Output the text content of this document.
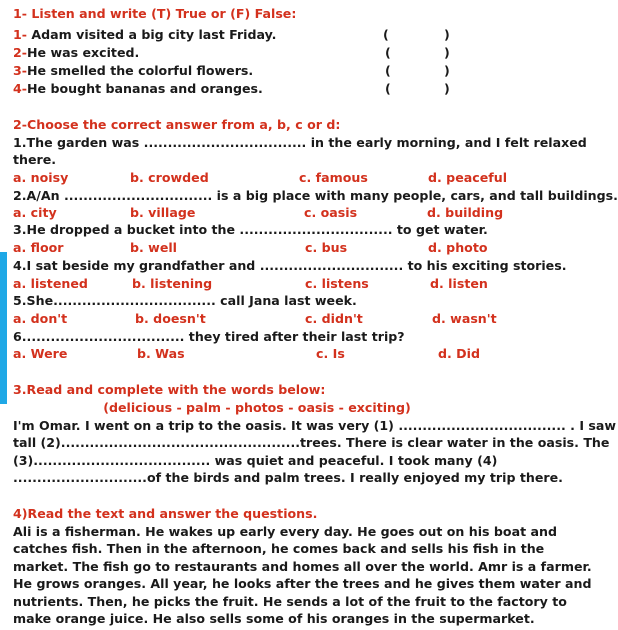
1- Listen and write (T) True or (F) False:
1- Adam visited a big city last Friday.	(	)
2-He was excited.	(	)
3-He smelled the colorful flowers.	(	)
4-He bought bananas and oranges.	(	)
2-Choose the correct answer from a, b, c or d:
1.The garden was .................................. in the early morning, and I felt relaxed
there.
a. noisy	b. crowded	c. famous	d. peaceful
2.A/An ............................... is a big place with many people, cars, and tall buildings.
a. city	b. village	c. oasis	d. building
3.He dropped a bucket into the ................................ to get water.
a. floor	b. well	c. bus	d. photo
4.I sat beside my grandfather and .............................. to his exciting stories.
a. listened	b. listening	c. listens	d. listen
5.She.................................. call Jana last week.
a. don't	b. doesn't	c. didn't	d. wasn't
6.................................. they tired after their last trip?
a. Were	b. Was	c. Is	d. Did
3.Read and complete with the words below:
(delicious - palm - photos - oasis - exciting)
I'm Omar. I went on a trip to the oasis. It was very (1) ................................... . I saw
tall (2)..................................................trees. There is clear water in the oasis. The
(3)..................................... was quiet and peaceful. I took many (4)
............................of the birds and palm trees. I really enjoyed my trip there.
4)Read the text and answer the questions.
Ali is a fisherman. He wakes up early every day. He goes out on his boat and
catches fish. Then in the afternoon, he comes back and sells his fish in the
market. The fish go to restaurants and homes all over the world. Amr is a farmer.
He grows oranges. All year, he looks after the trees and he gives them water and
nutrients. Then, he picks the fruit. He sends a lot of the fruit to the factory to
make orange juice. He also sells some of his oranges in the supermarket.
